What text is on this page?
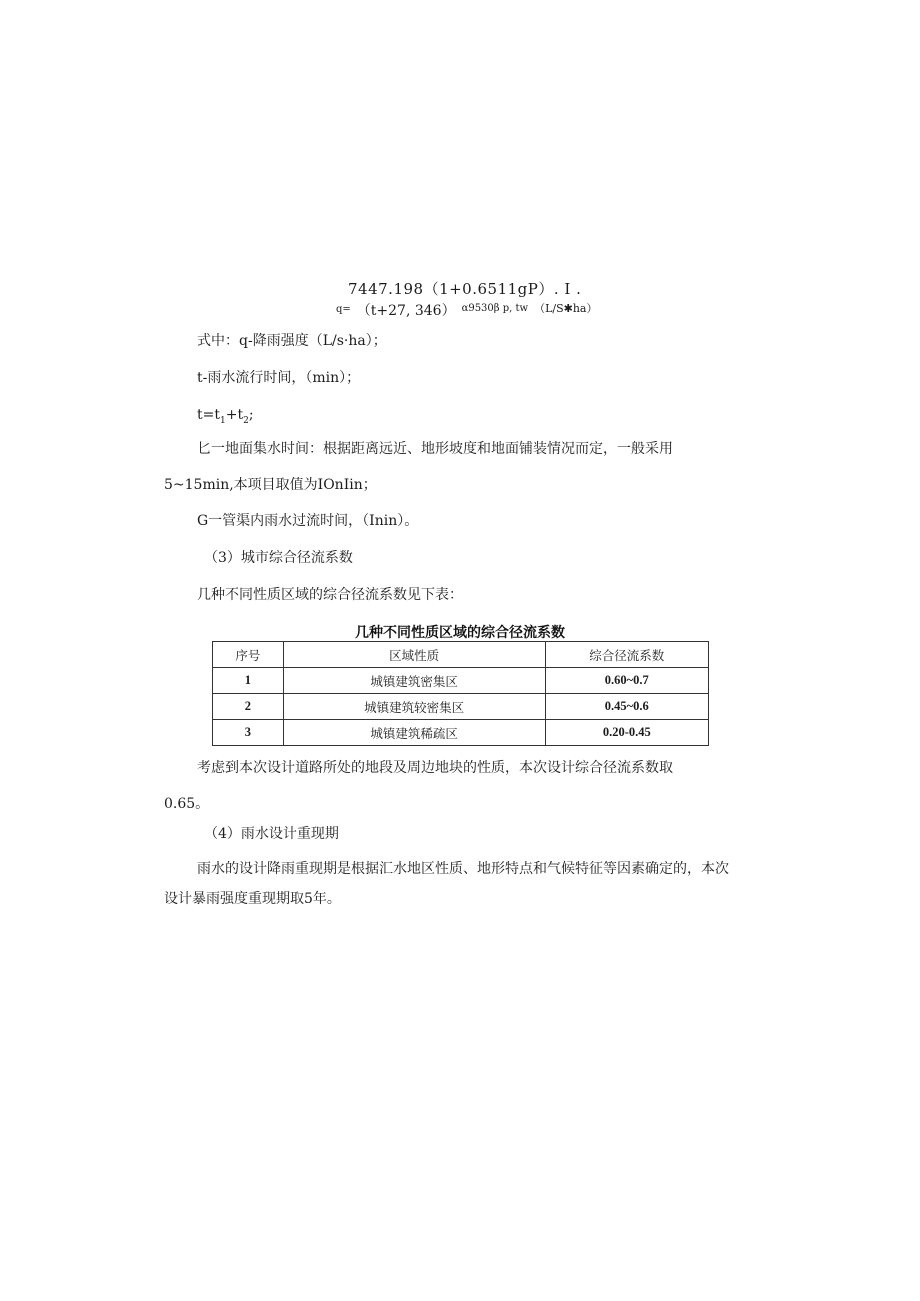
7447.198（1+0.6511gP）. I .
$^{q=}$ （t+27, 346） $^{\alpha 9530\beta p, tw}$ $^{(L/S✱ha)}$
式中：q-降雨强度（L/s·ha）；
t-雨水流行时间，（min）；
$t=t_1+t_2$;
匕一地面集水时间：根据距离远近、地形坡度和地面铺装情况而定，一般采用
5~15min,本项目取值为IOnIin；
G一管渠内雨水过流时间，（Inin）。
（3）城市综合径流系数
几种不同性质区域的综合径流系数见下表：
几种不同性质区域的综合径流系数
序号	区域性质	综合径流系数
1	城镇建筑密集区	0.60~0.7
2	城镇建筑较密集区	0.45~0.6
3	城镇建筑稀疏区	0.20-0.45
考虑到本次设计道路所处的地段及周边地块的性质，本次设计综合径流系数取
0.65。
（4）雨水设计重现期
雨水的设计降雨重现期是根据汇水地区性质、地形特点和气候特征等因素确定的，本次
设计暴雨强度重现期取5年。
